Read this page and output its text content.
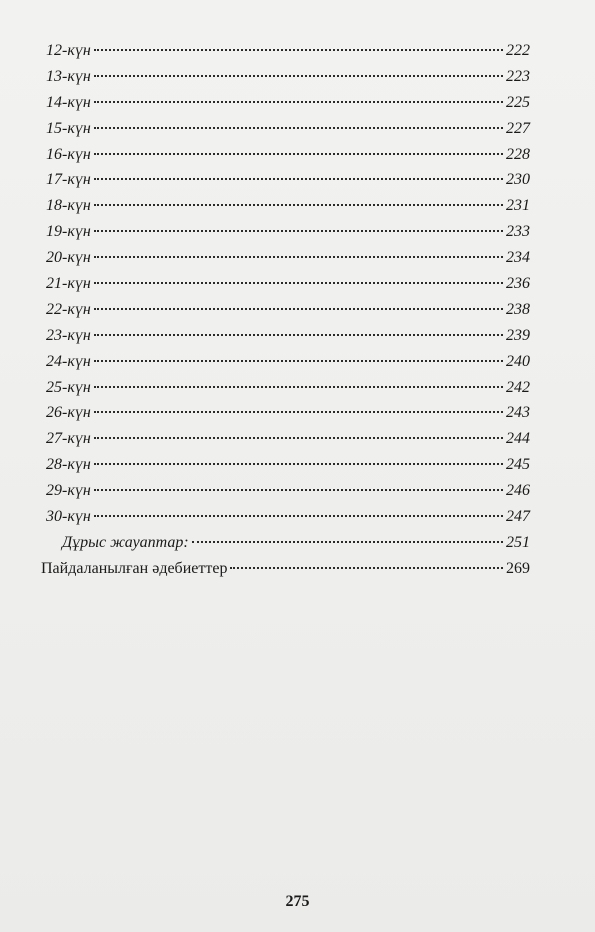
12-күн	222
13-күн	223
14-күн	225
15-күн	227
16-күн	228
17-күн	230
18-күн	231
19-күн	233
20-күн	234
21-күн	236
22-күн	238
23-күн	239
24-күн	240
25-күн	242
26-күн	243
27-күн	244
28-күн	245
29-күн	246
30-күн	247
Дұрыс жауаптар:	251
Пайдаланылған әдебиеттер	269
275
